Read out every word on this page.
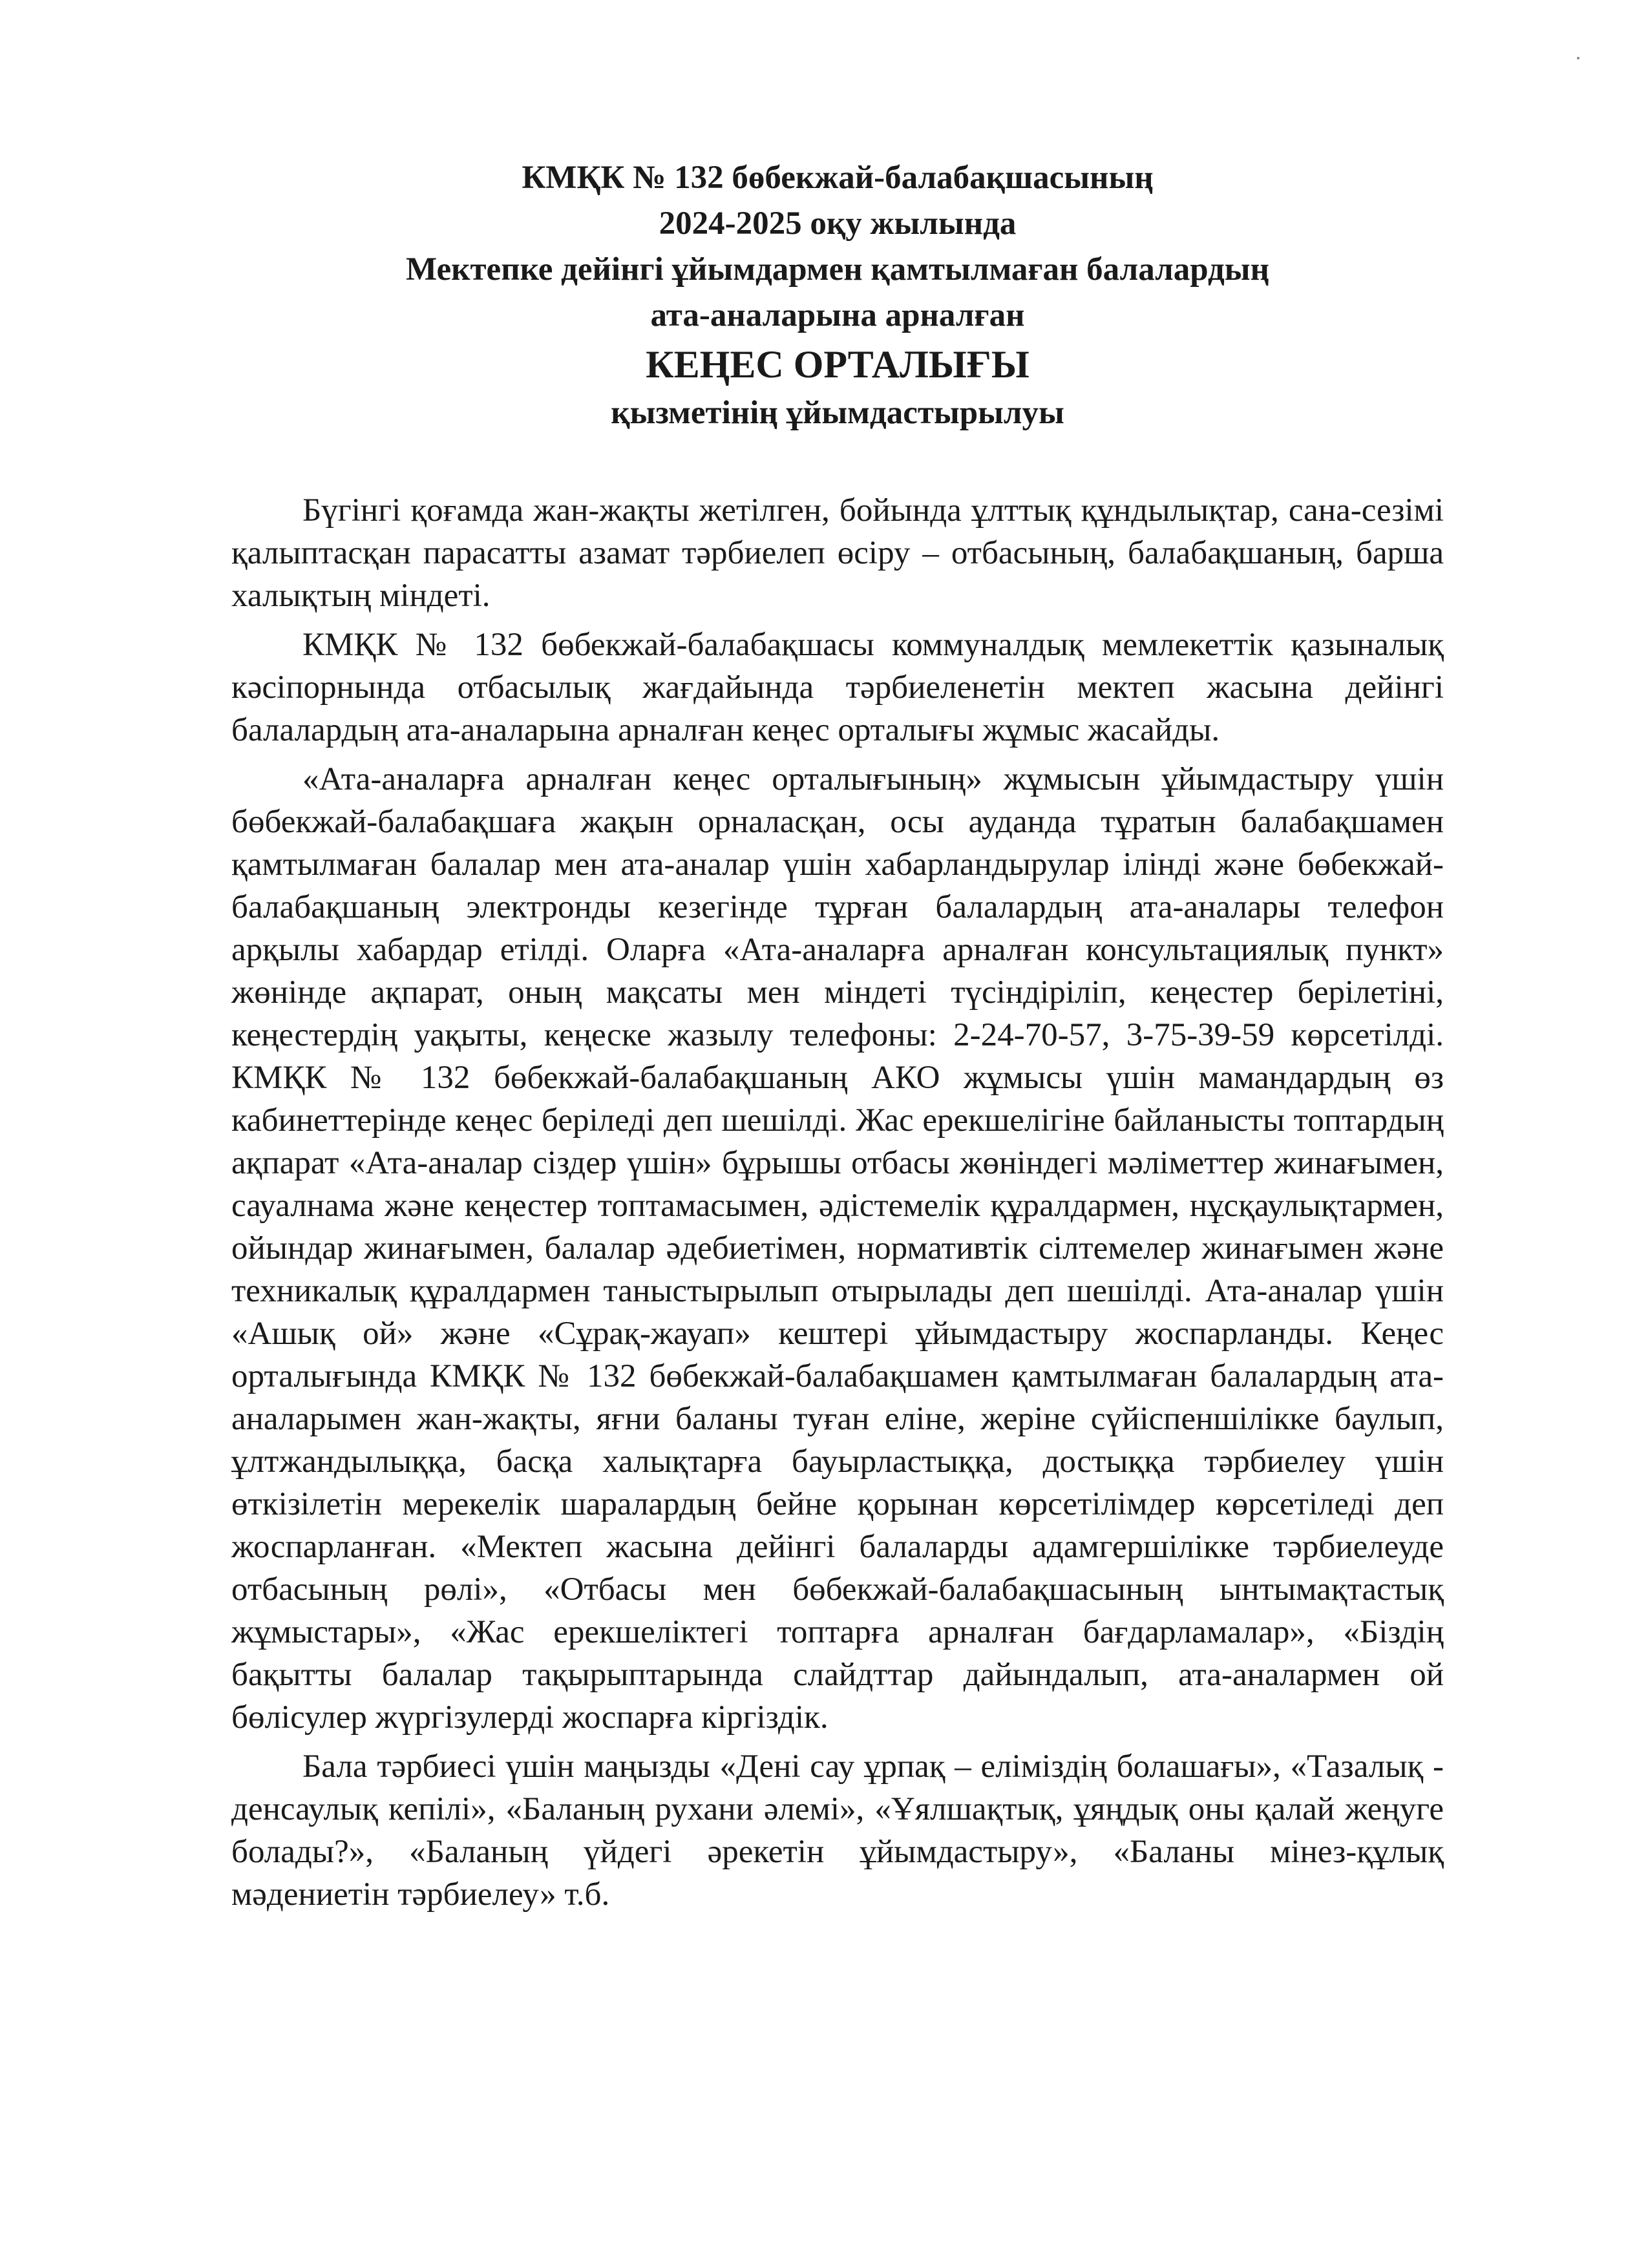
КМҚК № 132 бөбекжай-балабақшасының
2024-2025 оқу жылында
Мектепке дейінгі ұйымдармен қамтылмаған балалардың
ата-аналарына арналған
КЕҢЕС ОРТАЛЫҒЫ
қызметінің ұйымдастырылуы

Бүгінгі қоғамда жан-жақты жетілген, бойында ұлттық құндылықтар, сана-сезімі қалыптасқан парасатты азамат тәрбиелеп өсіру – отбасының, балабақшаның, барша халықтың міндеті.

КМҚК № 132 бөбекжай-балабақшасы коммуналдық мемлекеттік қазыналық кәсіпорнында отбасылық жағдайында тәрбиеленетін мектеп жасына дейінгі балалардың ата-аналарына арналған кеңес орталығы жұмыс жасайды.

«Ата-аналарға арналған кеңес орталығының» жұмысын ұйымдастыру үшін бөбекжай-балабақшаға жақын орналасқан, осы ауданда тұратын балабақшамен қамтылмаған балалар мен ата-аналар үшін хабарландырулар ілінді және бөбекжай-балабақшаның электронды кезегінде тұрған балалардың ата-аналары телефон арқылы хабардар етілді. Оларға «Ата-аналарға арналған консультациялық пункт» жөнінде ақпарат, оның мақсаты мен міндеті түсіндіріліп, кеңестер берілетіні, кеңестердің уақыты, кеңеске жазылу телефоны: 2-24-70-57, 3-75-39-59 көрсетілді. КМҚК № 132 бөбекжай-балабақшаның АКО жұмысы үшін мамандардың өз кабинеттерінде кеңес беріледі деп шешілді. Жас ерекшелігіне байланысты топтардың ақпарат «Ата-аналар сіздер үшін» бұрышы отбасы жөніндегі мәліметтер жинағымен, сауалнама және кеңестер топтамасымен, әдістемелік құралдармен, нұсқаулықтармен, ойындар жинағымен, балалар әдебиетімен, нормативтік сілтемелер жинағымен және техникалық құралдармен таныстырылып отырылады деп шешілді. Ата-аналар үшін «Ашық ой» және «Сұрақ-жауап» кештері ұйымдастыру жоспарланды. Кеңес орталығында КМҚК № 132 бөбекжай-балабақшамен қамтылмаған балалардың ата-аналарымен жан-жақты, яғни баланы туған еліне, жеріне сүйіспеншілікке баулып, ұлтжандылыққа, басқа халықтарға бауырластыққа, достыққа тәрбиелеу үшін өткізілетін мерекелік шаралардың бейне қорынан көрсетілімдер көрсетіледі деп жоспарланған. «Мектеп жасына дейінгі балаларды адамгершілікке тәрбиелеуде отбасының рөлі», «Отбасы мен бөбекжай-балабақшасының ынтымақтастық жұмыстары», «Жас ерекшеліктегі топтарға арналған бағдарламалар», «Біздің бақытты балалар тақырыптарында слайдттар дайындалып, ата-аналармен ой бөлісулер жүргізулерді жоспарға кіргіздік.

Бала тәрбиесі үшін маңызды «Дені сау ұрпақ – еліміздің болашағы», «Тазалық - денсаулық кепілі», «Баланың рухани әлемі», «Ұялшақтық, ұяңдық оны қалай жеңуге болады?», «Баланың үйдегі әрекетін ұйымдастыру», «Баланы мінез-құлық мәдениетін тәрбиелеу» т.б.
